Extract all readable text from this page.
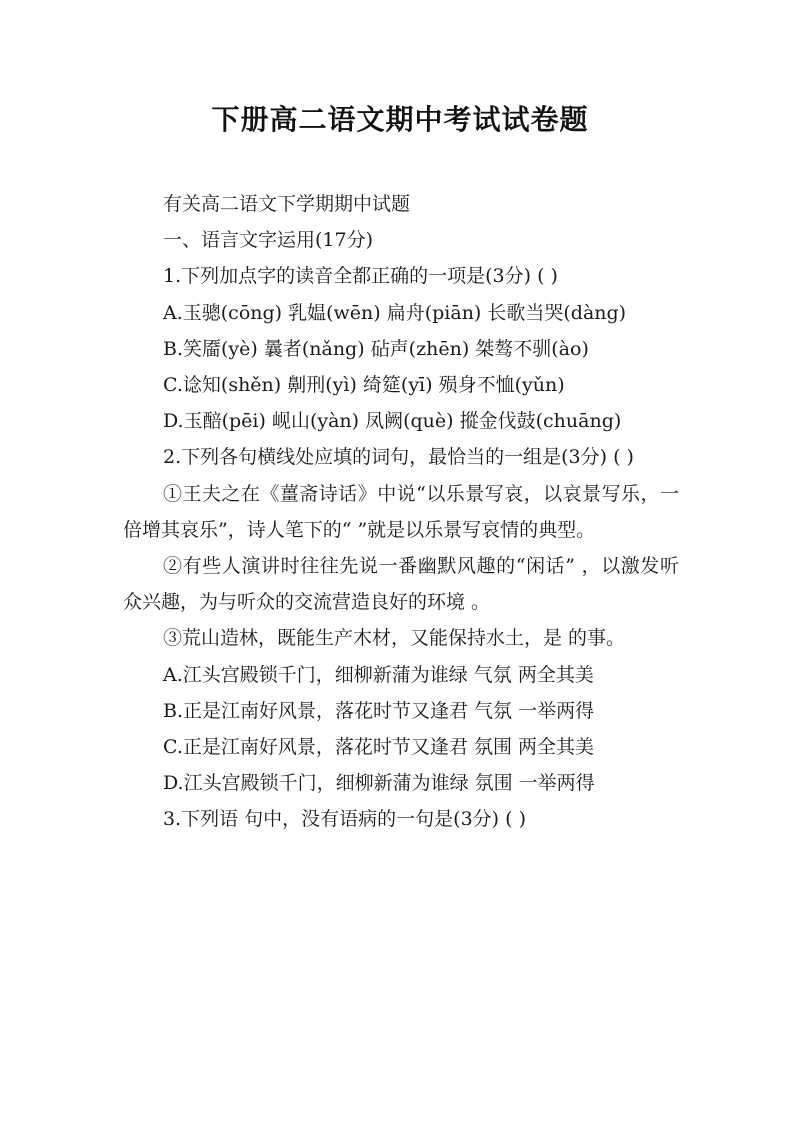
下册高二语文期中考试试卷题

有关高二语文下学期期中试题

一、语言文字运用(17分)

1.下列加点字的读音全都正确的一项是(3分) ( )

A.玉骢(cōng) 乳媪(wēn) 扁舟(piān) 长歌当哭(dàng)

B.笑靥(yè) 曩者(nǎng) 砧声(zhēn) 桀骜不驯(ào)

C.谂知(shěn) 劓刑(yì) 绮筵(yī) 殒身不恤(yǔn)

D.玉醅(pēi) 岘山(yàn) 凤阙(què) 摐金伐鼓(chuāng)

2.下列各句横线处应填的词句，最恰当的一组是(3分) ( )

①王夫之在《薑斋诗话》中说“以乐景写哀，以哀景写乐，一倍增其哀乐”，诗人笔下的“ ”就是以乐景写哀情的典型。

②有些人演讲时往往先说一番幽默风趣的“闲话” ，以激发听众兴趣，为与听众的交流营造良好的环境 。

③荒山造林，既能生产木材，又能保持水土，是 的事。

A.江头宫殿锁千门，细柳新蒲为谁绿 气氛 两全其美

B.正是江南好风景，落花时节又逢君 气氛 一举两得

C.正是江南好风景，落花时节又逢君 氛围 两全其美

D.江头宫殿锁千门，细柳新蒲为谁绿 氛围 一举两得

3.下列语 句中，没有语病的一句是(3分) ( )
